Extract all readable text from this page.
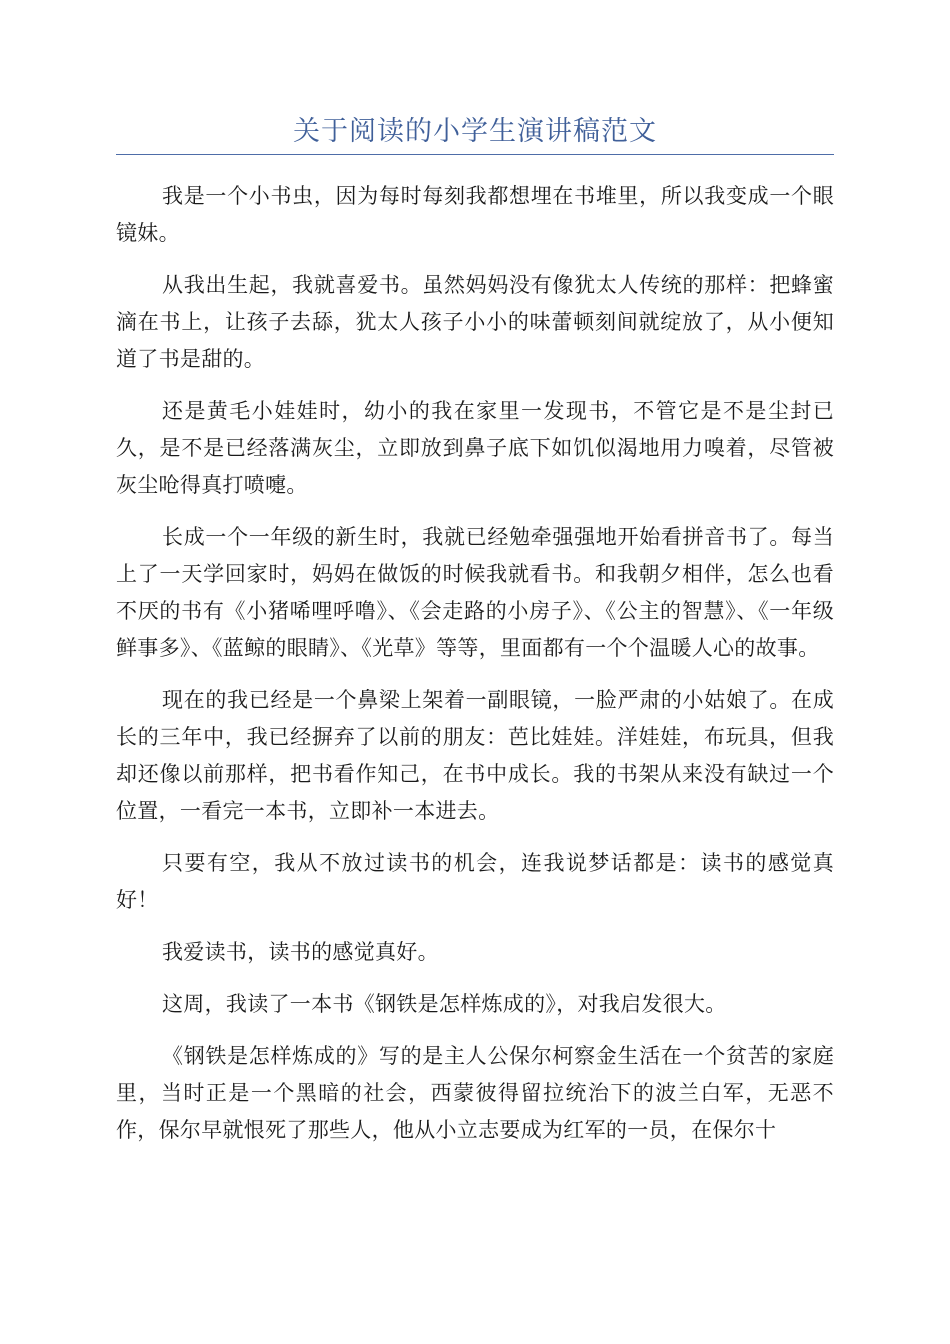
关于阅读的小学生演讲稿范文

我是一个小书虫，因为每时每刻我都想埋在书堆里，所以我变成一个眼镜妹。

从我出生起，我就喜爱书。虽然妈妈没有像犹太人传统的那样：把蜂蜜滴在书上，让孩子去舔，犹太人孩子小小的味蕾顿刻间就绽放了，从小便知道了书是甜的。

还是黄毛小娃娃时，幼小的我在家里一发现书，不管它是不是尘封已久，是不是已经落满灰尘，立即放到鼻子底下如饥似渴地用力嗅着，尽管被灰尘呛得真打喷嚏。

长成一个一年级的新生时，我就已经勉牵强强地开始看拼音书了。每当上了一天学回家时，妈妈在做饭的时候我就看书。和我朝夕相伴，怎么也看不厌的书有《小猪唏哩呼噜》、《会走路的小房子》、《公主的智慧》、《一年级鲜事多》、《蓝鲸的眼睛》、《光草》等等，里面都有一个个温暖人心的故事。

现在的我已经是一个鼻梁上架着一副眼镜，一脸严肃的小姑娘了。在成长的三年中，我已经摒弃了以前的朋友：芭比娃娃。洋娃娃，布玩具，但我却还像以前那样，把书看作知己，在书中成长。我的书架从来没有缺过一个位置，一看完一本书，立即补一本进去。

只要有空，我从不放过读书的机会，连我说梦话都是：读书的感觉真好！

我爱读书，读书的感觉真好。

这周，我读了一本书《钢铁是怎样炼成的》，对我启发很大。

《钢铁是怎样炼成的》写的是主人公保尔柯察金生活在一个贫苦的家庭里，当时正是一个黑暗的社会，西蒙彼得留拉统治下的波兰白军，无恶不作，保尔早就恨死了那些人，他从小立志要成为红军的一员，在保尔十
